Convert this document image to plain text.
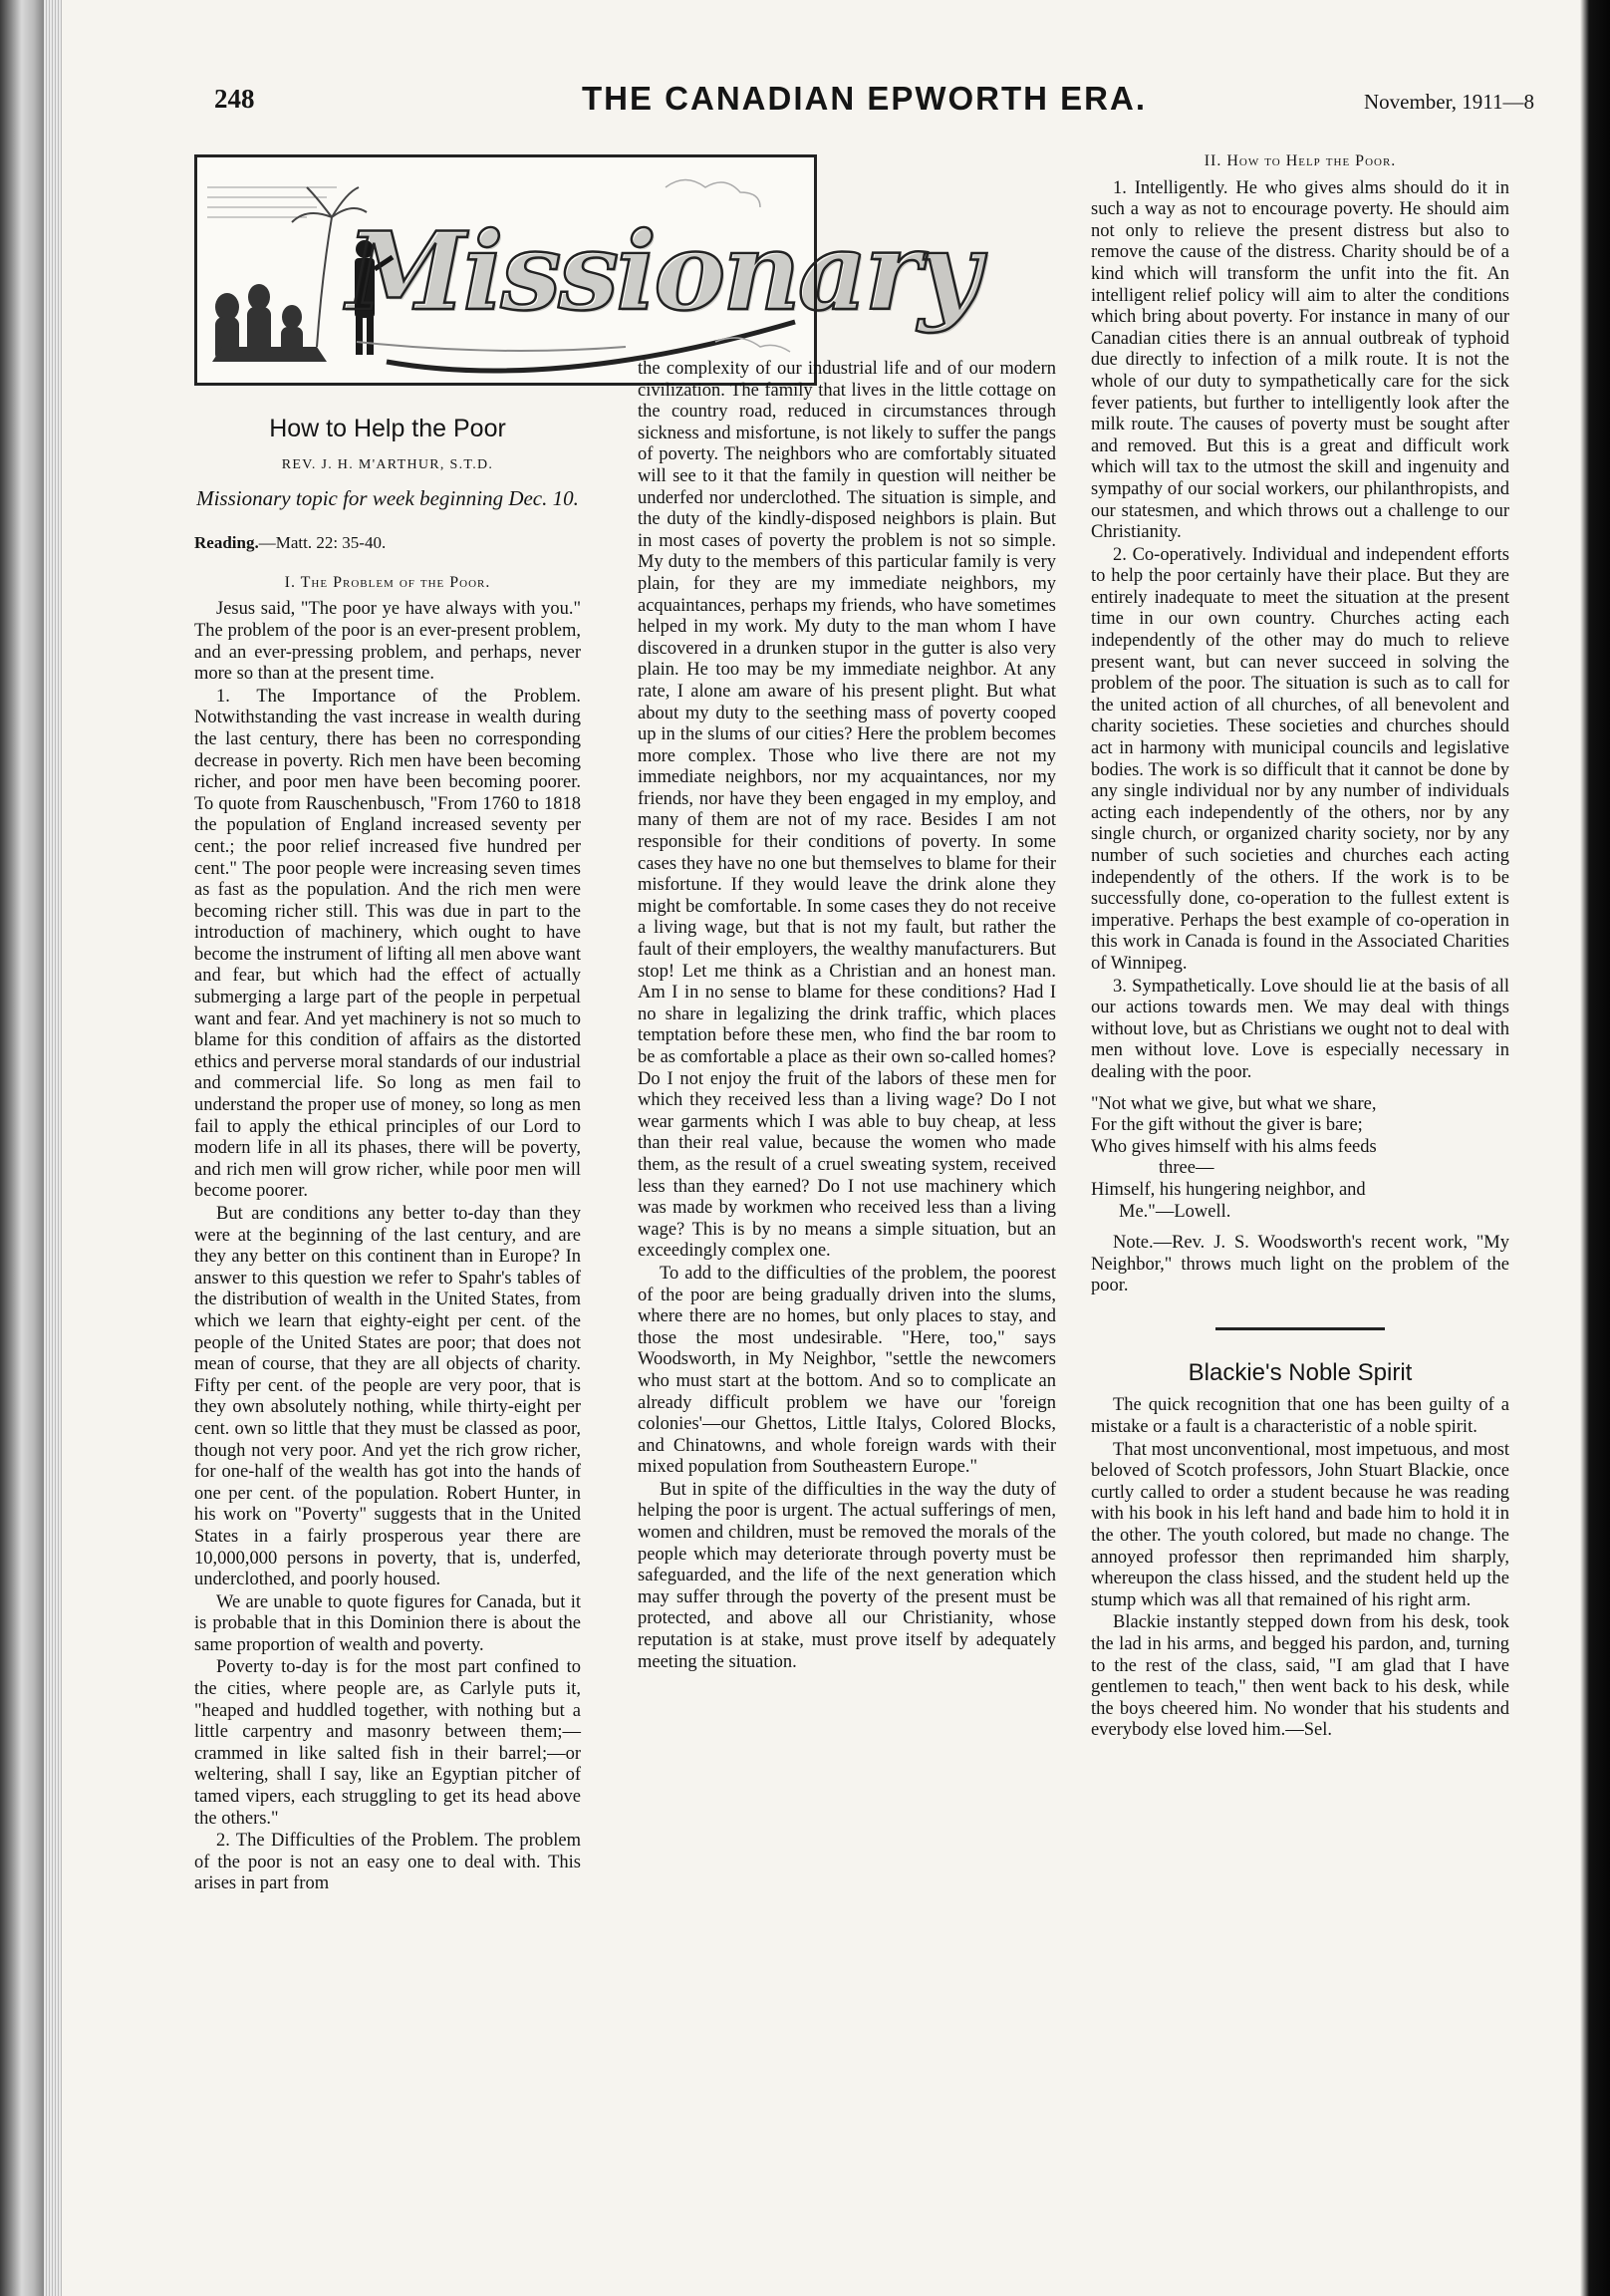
248	THE CANADIAN EPWORTH ERA.	November, 1911—8
Missionary
How to Help the Poor
REV. J. H. M'ARTHUR, S.T.D.
Missionary topic for week beginning Dec. 10.
Reading.—Matt. 22: 35-40.
I. The Problem of the Poor.

Jesus said, "The poor ye have always with you." The problem of the poor is an ever-present problem, and an ever-pressing problem, and perhaps, never more so than at the present time.

1. The Importance of the Problem. Notwithstanding the vast increase in wealth during the last century, there has been no corresponding decrease in poverty. Rich men have been becoming richer, and poor men have been becoming poorer. To quote from Rauschenbusch, "From 1760 to 1818 the population of England increased seventy per cent.; the poor relief increased five hundred per cent." The poor people were increasing seven times as fast as the population. And the rich men were becoming richer still. This was due in part to the introduction of machinery, which ought to have become the instrument of lifting all men above want and fear, but which had the effect of actually submerging a large part of the people in perpetual want and fear. And yet machinery is not so much to blame for this condition of affairs as the distorted ethics and perverse moral standards of our industrial and commercial life. So long as men fail to understand the proper use of money, so long as men fail to apply the ethical principles of our Lord to modern life in all its phases, there will be poverty, and rich men will grow richer, while poor men will become poorer.

But are conditions any better to-day than they were at the beginning of the last century, and are they any better on this continent than in Europe? In answer to this question we refer to Spahr's tables of the distribution of wealth in the United States, from which we learn that eighty-eight per cent. of the people of the United States are poor; that does not mean of course, that they are all objects of charity. Fifty per cent. of the people are very poor, that is they own absolutely nothing, while thirty-eight per cent. own so little that they must be classed as poor, though not very poor. And yet the rich grow richer, for one-half of the wealth has got into the hands of one per cent. of the population. Robert Hunter, in his work on "Poverty" suggests that in the United States in a fairly prosperous year there are 10,000,000 persons in poverty, that is, underfed, underclothed, and poorly housed.

We are unable to quote figures for Canada, but it is probable that in this Dominion there is about the same proportion of wealth and poverty.

Poverty to-day is for the most part confined to the cities, where people are, as Carlyle puts it, "heaped and huddled together, with nothing but a little carpentry and masonry between them;—crammed in like salted fish in their barrel;—or weltering, shall I say, like an Egyptian pitcher of tamed vipers, each struggling to get its head above the others."

2. The Difficulties of the Problem. The problem of the poor is not an easy one to deal with. This arises in part from

the complexity of our industrial life and of our modern civilization. The family that lives in the little cottage on the country road, reduced in circumstances through sickness and misfortune, is not likely to suffer the pangs of poverty. The neighbors who are comfortably situated will see to it that the family in question will neither be underfed nor underclothed. The situation is simple, and the duty of the kindly-disposed neighbors is plain. But in most cases of poverty the problem is not so simple. My duty to the members of this particular family is very plain, for they are my immediate neighbors, my acquaintances, perhaps my friends, who have sometimes helped in my work. My duty to the man whom I have discovered in a drunken stupor in the gutter is also very plain. He too may be my immediate neighbor. At any rate, I alone am aware of his present plight. But what about my duty to the seething mass of poverty cooped up in the slums of our cities? Here the problem becomes more complex. Those who live there are not my immediate neighbors, nor my acquaintances, nor my friends, nor have they been engaged in my employ, and many of them are not of my race. Besides I am not responsible for their conditions of poverty. In some cases they have no one but themselves to blame for their misfortune. If they would leave the drink alone they might be comfortable. In some cases they do not receive a living wage, but that is not my fault, but rather the fault of their employers, the wealthy manufacturers. But stop! Let me think as a Christian and an honest man. Am I in no sense to blame for these conditions? Had I no share in legalizing the drink traffic, which places temptation before these men, who find the bar room to be as comfortable a place as their own so-called homes? Do I not enjoy the fruit of the labors of these men for which they received less than a living wage? Do I not wear garments which I was able to buy cheap, at less than their real value, because the women who made them, as the result of a cruel sweating system, received less than they earned? Do I not use machinery which was made by workmen who received less than a living wage? This is by no means a simple situation, but an exceedingly complex one.

To add to the difficulties of the problem, the poorest of the poor are being gradually driven into the slums, where there are no homes, but only places to stay, and those the most undesirable. "Here, too," says Woodsworth, in My Neighbor, "settle the newcomers who must start at the bottom. And so to complicate an already difficult problem we have our 'foreign colonies'—our Ghettos, Little Italys, Colored Blocks, and Chinatowns, and whole foreign wards with their mixed population from Southeastern Europe."

But in spite of the difficulties in the way the duty of helping the poor is urgent. The actual sufferings of men, women and children, must be removed the morals of the people which may deteriorate through poverty must be safeguarded, and the life of the next generation which may suffer through the poverty of the present must be protected, and above all our Christianity, whose reputation is at stake, must prove itself by adequately meeting the situation.

II. How to Help the Poor.

1. Intelligently. He who gives alms should do it in such a way as not to encourage poverty. He should aim not only to relieve the present distress but also to remove the cause of the distress. Charity should be of a kind which will transform the unfit into the fit. An intelligent relief policy will aim to alter the conditions which bring about poverty. For instance in many of our Canadian cities there is an annual outbreak of typhoid due directly to infection of a milk route. It is not the whole of our duty to sympathetically care for the sick fever patients, but further to intelligently look after the milk route. The causes of poverty must be sought after and removed. But this is a great and difficult work which will tax to the utmost the skill and ingenuity and sympathy of our social workers, our philanthropists, and our statesmen, and which throws out a challenge to our Christianity.

2. Co-operatively. Individual and independent efforts to help the poor certainly have their place. But they are entirely inadequate to meet the situation at the present time in our own country. Churches acting each independently of the other may do much to relieve present want, but can never succeed in solving the problem of the poor. The situation is such as to call for the united action of all churches, of all benevolent and charity societies. These societies and churches should act in harmony with municipal councils and legislative bodies. The work is so difficult that it cannot be done by any single individual nor by any number of individuals acting each independently of the others, nor by any single church, or organized charity society, nor by any number of such societies and churches each acting independently of the others. If the work is to be successfully done, co-operation to the fullest extent is imperative. Perhaps the best example of co-operation in this work in Canada is found in the Associated Charities of Winnipeg.

3. Sympathetically. Love should lie at the basis of all our actions towards men. We may deal with things without love, but as Christians we ought not to deal with men without love. Love is especially necessary in dealing with the poor.

"Not what we give, but what we share,
For the gift without the giver is bare;
Who gives himself with his alms feeds
three—
Himself, his hungering neighbor, and
Me."—Lowell.

Note.—Rev. J. S. Woodsworth's recent work, "My Neighbor," throws much light on the problem of the poor.

Blackie's Noble Spirit

The quick recognition that one has been guilty of a mistake or a fault is a characteristic of a noble spirit.

That most unconventional, most impetuous, and most beloved of Scotch professors, John Stuart Blackie, once curtly called to order a student because he was reading with his book in his left hand and bade him to hold it in the other. The youth colored, but made no change. The annoyed professor then reprimanded him sharply, whereupon the class hissed, and the student held up the stump which was all that remained of his right arm.

Blackie instantly stepped down from his desk, took the lad in his arms, and begged his pardon, and, turning to the rest of the class, said, "I am glad that I have gentlemen to teach," then went back to his desk, while the boys cheered him. No wonder that his students and everybody else loved him.—Sel.
